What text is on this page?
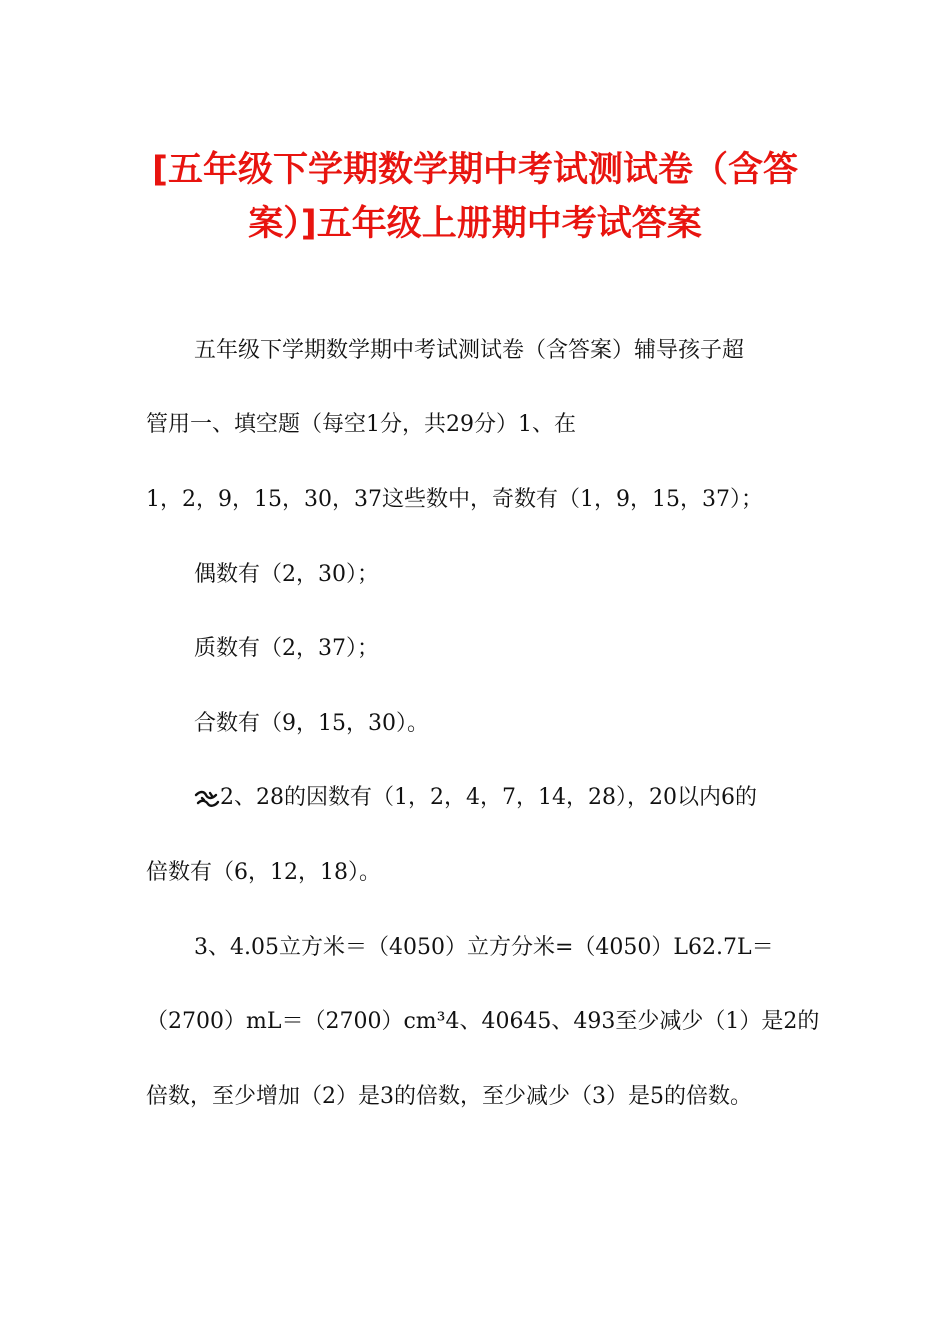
[五年级下学期数学期中考试测试卷（含答
案）]五年级上册期中考试答案

五年级下学期数学期中考试测试卷（含答案）辅导孩子超

管用一、填空题（每空1分，共29分）1、在

1，2，9，15，30，37这些数中，奇数有（1，9，15，37）；

偶数有（2，30）；

质数有（2，37）；

合数有（9，15，30）。

2、28的因数有（1，2，4，7，14，28），20以内6的

倍数有（6，12，18）。

3、4.05立方米＝（4050）立方分米=（4050）L62.7L＝

（2700）mL＝（2700）cm³4、40645、493至少减少（1）是2的

倍数，至少增加（2）是3的倍数，至少减少（3）是5的倍数。
